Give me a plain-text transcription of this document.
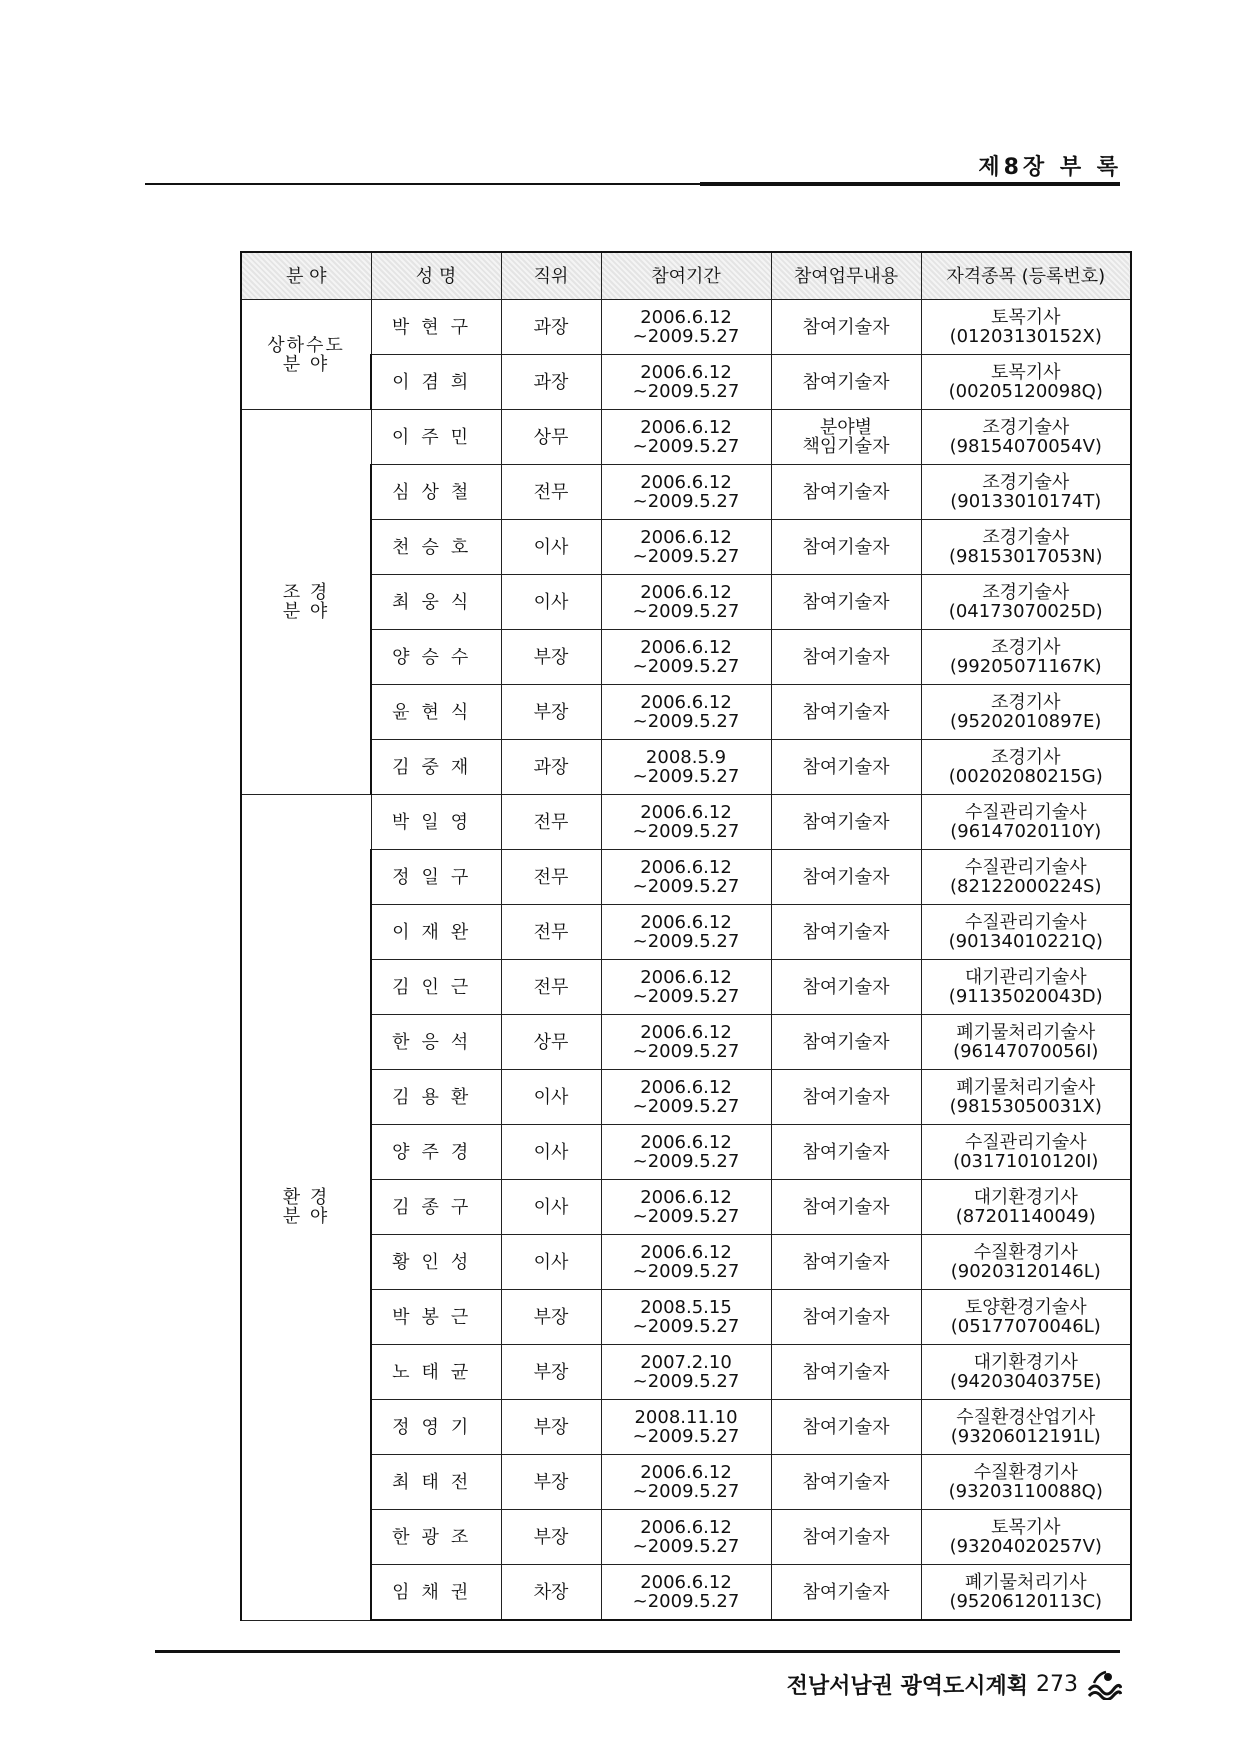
제8장 부 록
분 야	성 명	직위	참여기간	참여업무내용	자격종목 (등록번호)

상하수도
분 야	박현구	과장	2006.6.12
~2009.5.27	참여기술자	토목기사
(01203130152X)

	이겸희	과장	2006.6.12
~2009.5.27	참여기술자	토목기사
(00205120098Q)

조 경
분 야	이주민	상무	2006.6.12
~2009.5.27	분야별
책임기술자	조경기술사
(98154070054V)

	심상철	전무	2006.6.12
~2009.5.27	참여기술자	조경기술사
(90133010174T)

	천승호	이사	2006.6.12
~2009.5.27	참여기술자	조경기술사
(98153017053N)

	최웅식	이사	2006.6.12
~2009.5.27	참여기술자	조경기술사
(04173070025D)

	양승수	부장	2006.6.12
~2009.5.27	참여기술자	조경기사
(99205071167K)

	윤현식	부장	2006.6.12
~2009.5.27	참여기술자	조경기사
(95202010897E)

	김중재	과장	2008.5.9
~2009.5.27	참여기술자	조경기사
(00202080215G)

환 경
분 야	박일영	전무	2006.6.12
~2009.5.27	참여기술자	수질관리기술사
(96147020110Y)

	정일구	전무	2006.6.12
~2009.5.27	참여기술자	수질관리기술사
(82122000224S)

	이재완	전무	2006.6.12
~2009.5.27	참여기술자	수질관리기술사
(90134010221Q)

	김인근	전무	2006.6.12
~2009.5.27	참여기술자	대기관리기술사
(91135020043D)

	한응석	상무	2006.6.12
~2009.5.27	참여기술자	폐기물처리기술사
(96147070056I)

	김용환	이사	2006.6.12
~2009.5.27	참여기술자	폐기물처리기술사
(98153050031X)

	양주경	이사	2006.6.12
~2009.5.27	참여기술자	수질관리기술사
(03171010120I)

	김종구	이사	2006.6.12
~2009.5.27	참여기술자	대기환경기사
(87201140049)

	황인성	이사	2006.6.12
~2009.5.27	참여기술자	수질환경기사
(90203120146L)

	박봉근	부장	2008.5.15
~2009.5.27	참여기술자	토양환경기술사
(05177070046L)

	노태균	부장	2007.2.10
~2009.5.27	참여기술자	대기환경기사
(94203040375E)

	정영기	부장	2008.11.10
~2009.5.27	참여기술자	수질환경산업기사
(93206012191L)

	최태전	부장	2006.6.12
~2009.5.27	참여기술자	수질환경기사
(93203110088Q)

	한광조	부장	2006.6.12
~2009.5.27	참여기술자	토목기사
(93204020257V)

	임채권	차장	2006.6.12
~2009.5.27	참여기술자	폐기물처리기사
(95206120113C)
전남서남권 광역도시계획 273
